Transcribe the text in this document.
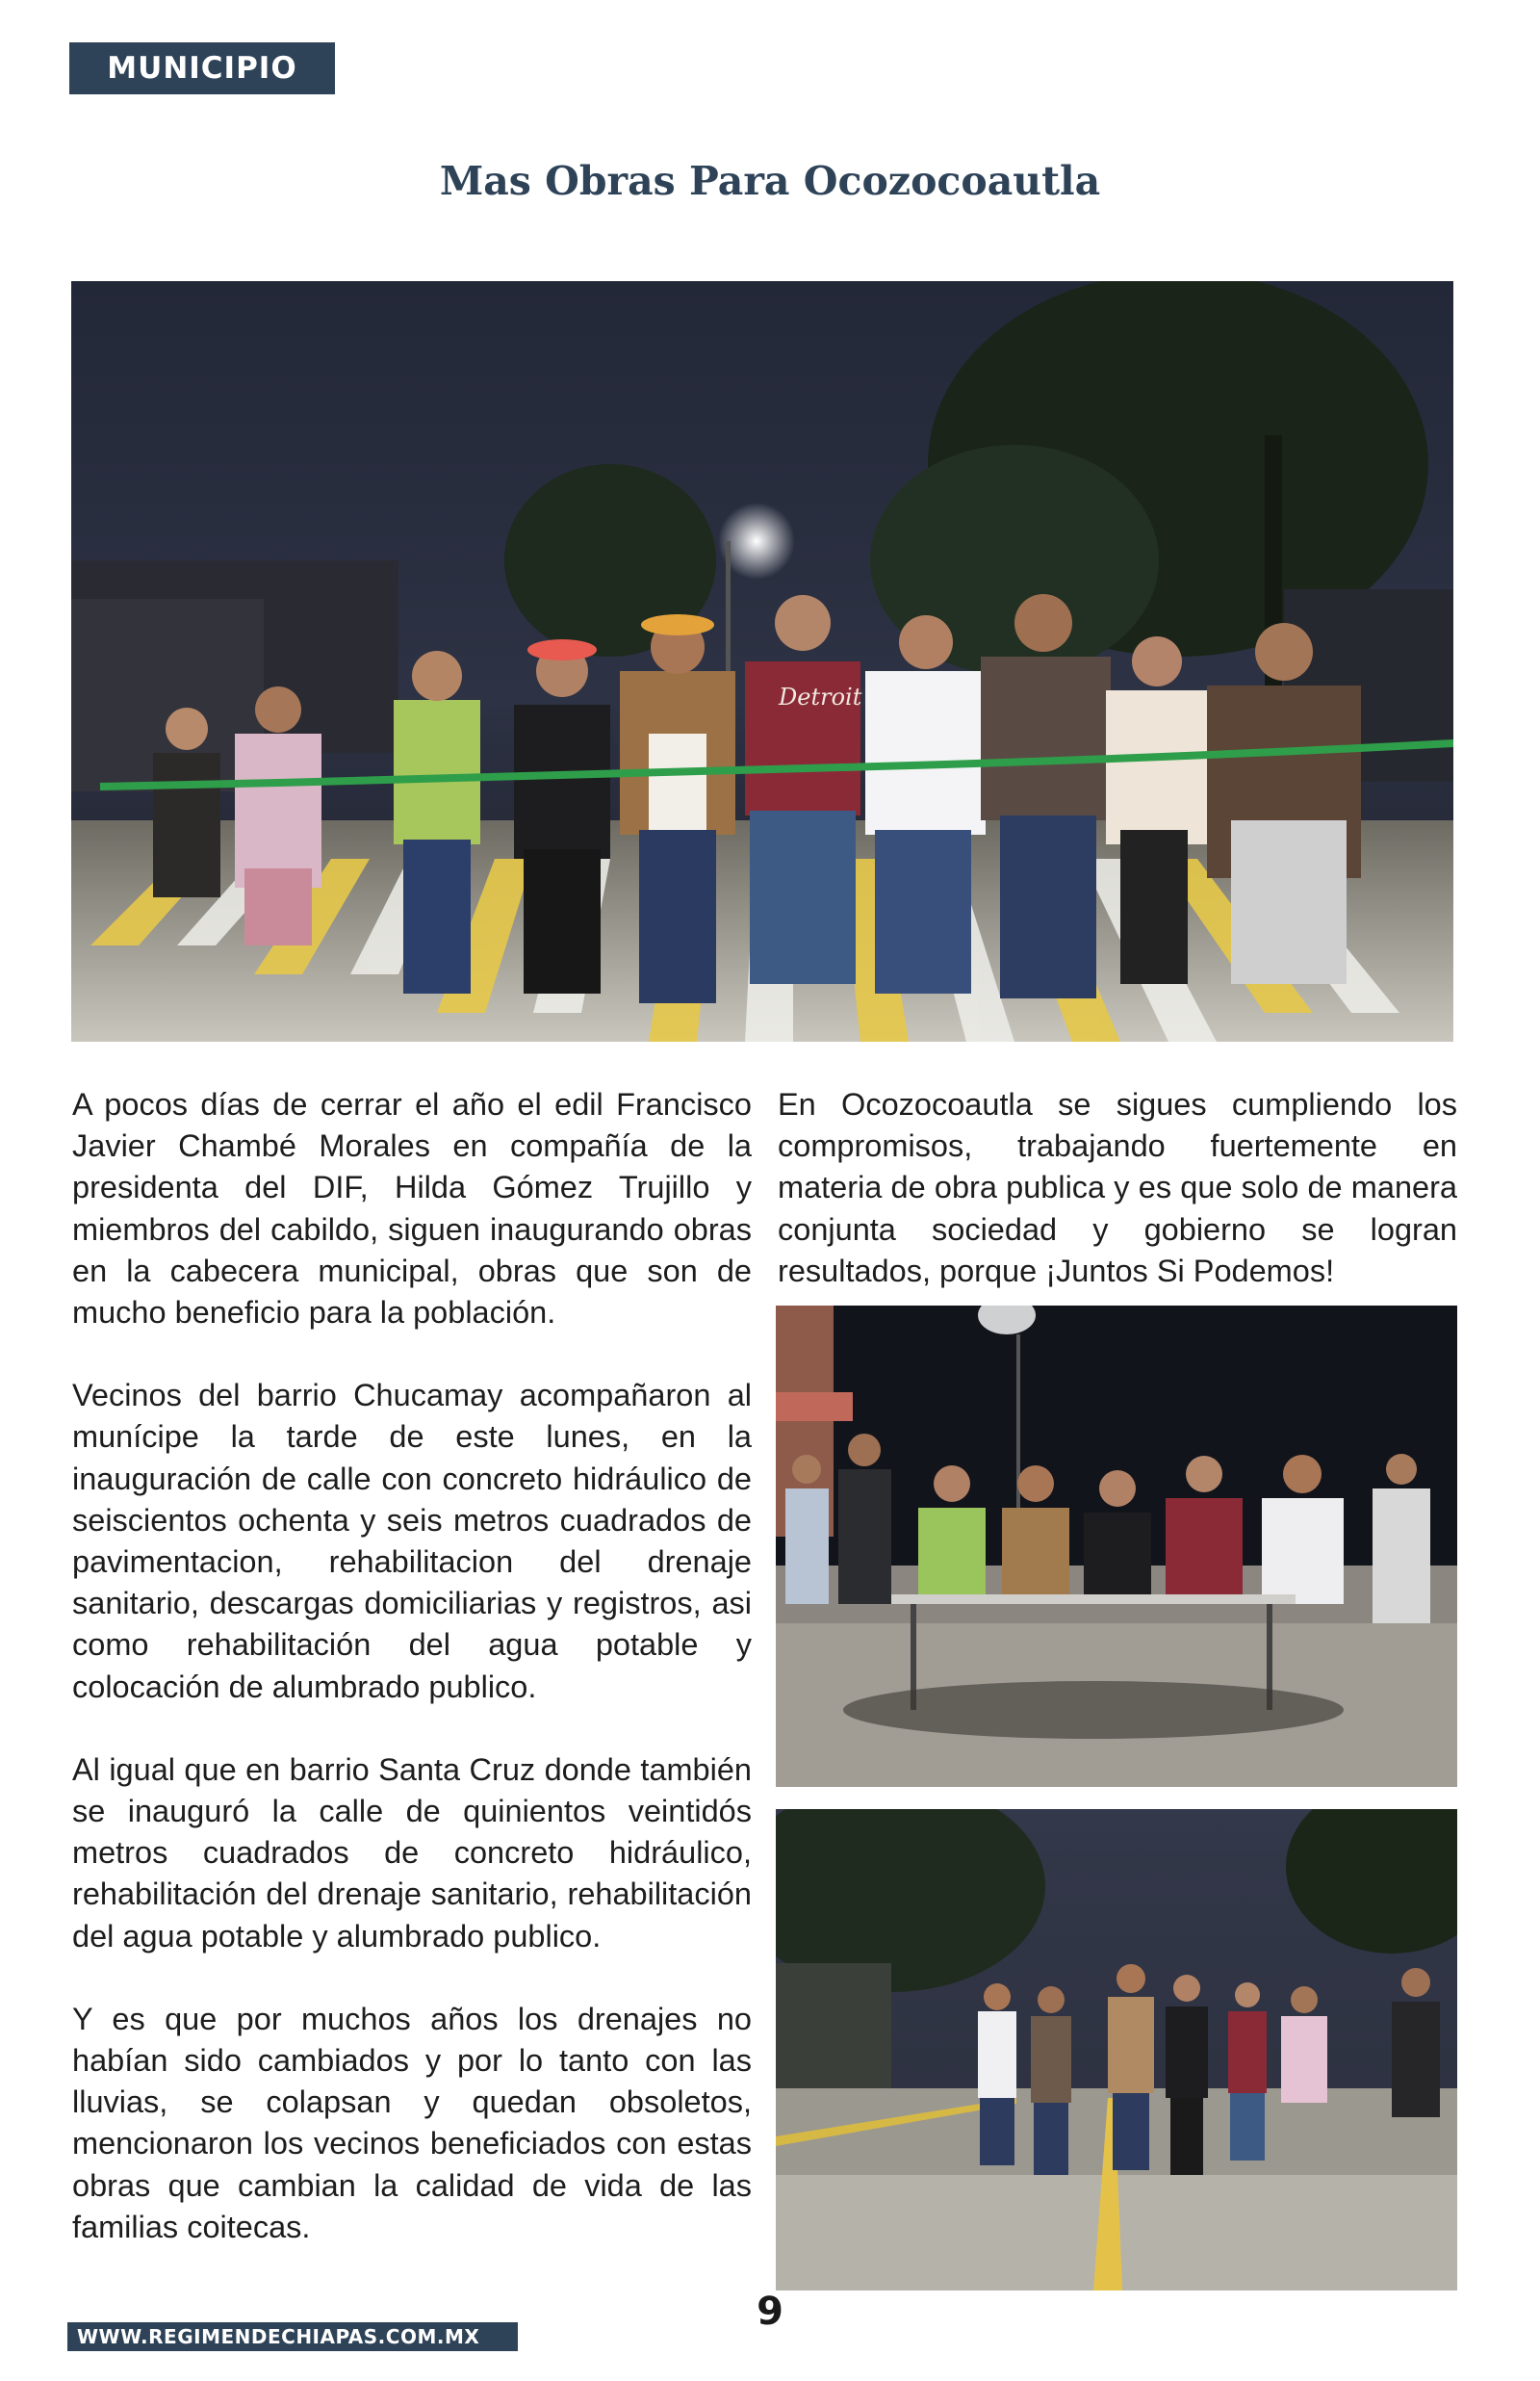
MUNICIPIO
Mas Obras Para Ocozocoautla
Detroit

A pocos días de cerrar el año el edil Francisco Javier Chambé Morales en compañía de la presidenta del DIF, Hilda Gómez Trujillo y miembros del cabildo, siguen inaugurando obras en la cabecera municipal, obras que son de mucho beneficio para la población.

Vecinos del barrio Chucamay acompañaron al munícipe la tarde de este lunes, en la inauguración de calle con concreto hidráulico de seiscientos ochenta y seis metros cuadrados de pavimentacion, rehabilitacion del drenaje sanitario, descargas domiciliarias y registros, asi como rehabilitación del agua potable y colocación de alumbrado publico.

Al igual que en barrio Santa Cruz donde también se inauguró la calle de quinientos veintidós metros cuadrados de concreto hidráulico, rehabilitación del drenaje sanitario, rehabilitación del agua potable y alumbrado publico.

Y es que por muchos años los drenajes no habían sido cambiados y por lo tanto con las lluvias, se colapsan y quedan obsoletos, mencionaron los vecinos beneficiados con estas obras que cambian la calidad de vida de las familias coitecas.

En Ocozocoautla se sigues cumpliendo los compromisos, trabajando fuertemente en materia de obra publica y es que solo de manera conjunta sociedad y gobierno se logran resultados, porque ¡Juntos Si Podemos!

9
WWW.REGIMENDECHIAPAS.COM.MX
